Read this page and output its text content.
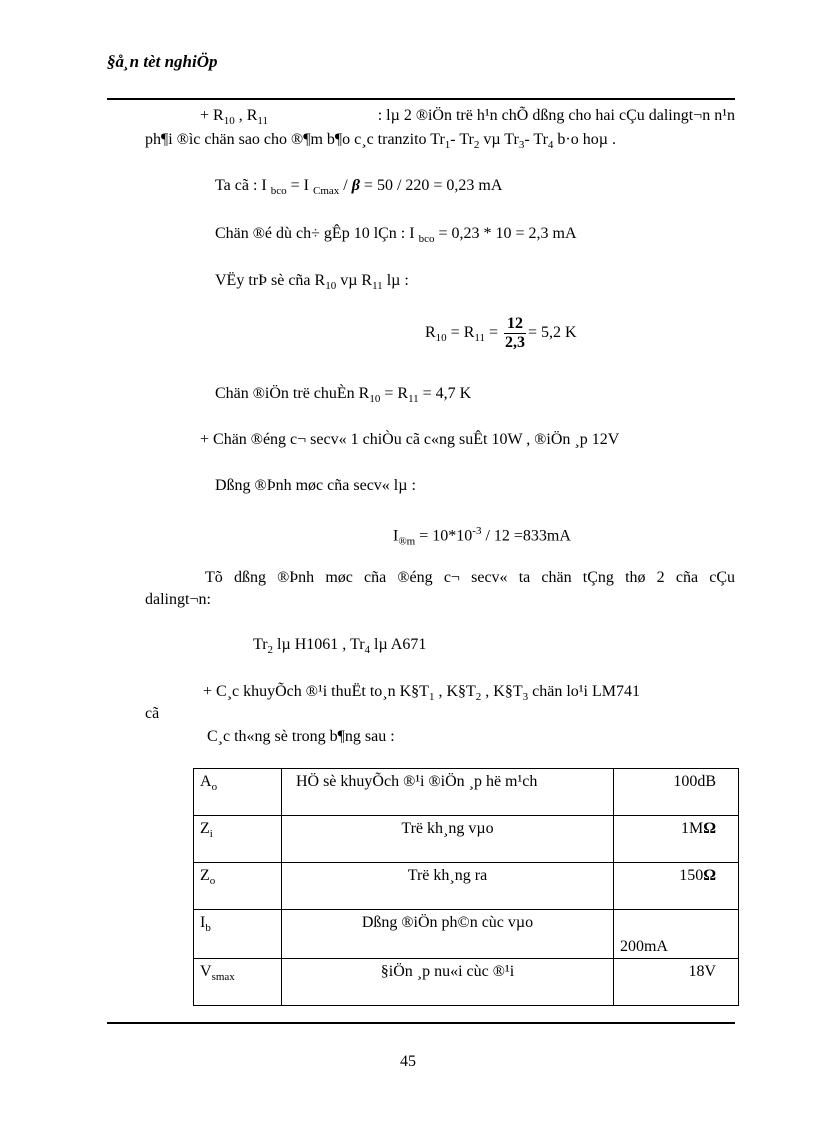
§å¸n tèt nghiÖp
+ $R_{10}$ , $R_{11}$	: lµ 2 ®iÖn trë h¹n chÕ dßng cho hai cÇu dalingt¬n n¹n
ph¶i ®ìc chän sao cho ®¶m b¶o c¸c tranzito $Tr_1-$ $Tr_2$ vµ $Tr_3-$ $Tr_4$ b·o hoµ .
Ta cã : I $_{bco}$ = I $_{Cmax}$ / β = 50 / 220 = 0,23 mA
Chän ®é dù ch÷ gÊp 10 lÇn : I $_{bco}$ = 0,23 * 10 = 2,3 mA
VËy trÞ sè cña $R_{10}$ vµ $R_{11}$ lµ :
$R_{10} = R_{11} = \frac{12}{2,3} = 5,2$ K
Chän ®iÖn trë chuÈn $R_{10} = R_{11} = 4,7$ K
+ Chän ®éng c¬ secv« 1 chiÒu cã c«ng suÊt 10W , ®iÖn ¸p 12V
Dßng ®Þnh møc cña secv« lµ :
$I_{®m} = 10*10^{-3} / 12 =833mA$
Tõ dßng ®Þnh møc cña ®éng c¬ secv« ta chän tÇng thø 2 cña cÇu
dalingt¬n:
$Tr_2$ lµ H1061 , $Tr_4$ lµ A671
+ C¸c khuyÕch ®¹i thuËt to¸n $K\S T_1$ , $K\S T_2$ , $K\S T_3$ chän lo¹i LM741
cã
C¸c th«ng sè trong b¶ng sau :
$A_o$	HÖ sè khuyÕch ®¹i ®iÖn ¸p hë m¹ch	100dB
$Z_i$	Trë kh¸ng vµo	1MΩ
$Z_o$	Trë kh¸ng ra	150Ω
$I_b$	Dßng ®iÖn ph©n cùc vµo	200mA
$V_{smax}$	§iÖn ¸p nu«i cùc ®¹i	18V
45
